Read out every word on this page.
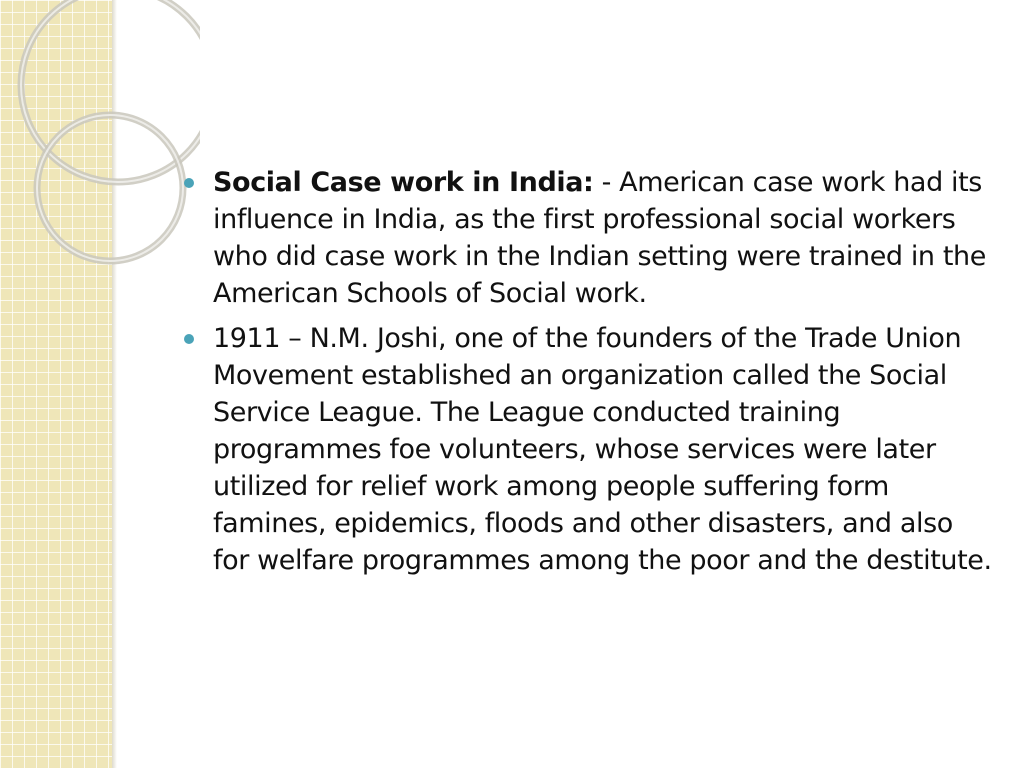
Social Case work in India: - American case work had its influence in India, as the first professional social workers who did case work in the Indian setting were trained in the American Schools of Social work.
1911 – N.M. Joshi, one of the founders of the Trade Union Movement established an organization called the Social Service League. The League conducted training programmes foe volunteers, whose services were later utilized for relief work among people suffering form famines, epidemics, floods and other disasters, and also for welfare programmes among the poor and the destitute.
